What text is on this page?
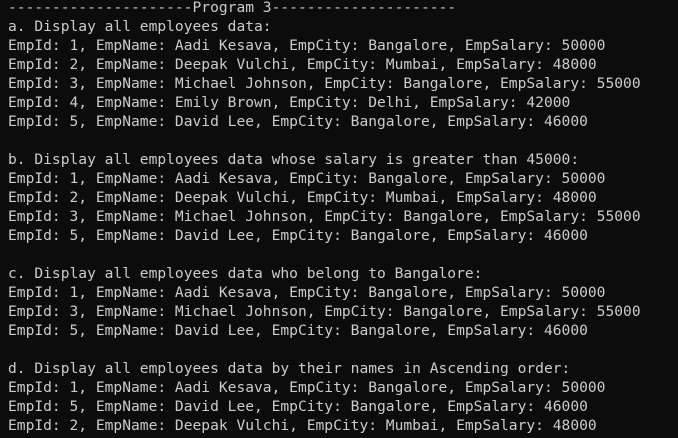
---------------------Program 3---------------------
a. Display all employees data:
EmpId: 1, EmpName: Aadi Kesava, EmpCity: Bangalore, EmpSalary: 50000
EmpId: 2, EmpName: Deepak Vulchi, EmpCity: Mumbai, EmpSalary: 48000
EmpId: 3, EmpName: Michael Johnson, EmpCity: Bangalore, EmpSalary: 55000
EmpId: 4, EmpName: Emily Brown, EmpCity: Delhi, EmpSalary: 42000
EmpId: 5, EmpName: David Lee, EmpCity: Bangalore, EmpSalary: 46000
b. Display all employees data whose salary is greater than 45000:
EmpId: 1, EmpName: Aadi Kesava, EmpCity: Bangalore, EmpSalary: 50000
EmpId: 2, EmpName: Deepak Vulchi, EmpCity: Mumbai, EmpSalary: 48000
EmpId: 3, EmpName: Michael Johnson, EmpCity: Bangalore, EmpSalary: 55000
EmpId: 5, EmpName: David Lee, EmpCity: Bangalore, EmpSalary: 46000
c. Display all employees data who belong to Bangalore:
EmpId: 1, EmpName: Aadi Kesava, EmpCity: Bangalore, EmpSalary: 50000
EmpId: 3, EmpName: Michael Johnson, EmpCity: Bangalore, EmpSalary: 55000
EmpId: 5, EmpName: David Lee, EmpCity: Bangalore, EmpSalary: 46000
d. Display all employees data by their names in Ascending order:
EmpId: 1, EmpName: Aadi Kesava, EmpCity: Bangalore, EmpSalary: 50000
EmpId: 5, EmpName: David Lee, EmpCity: Bangalore, EmpSalary: 46000
EmpId: 2, EmpName: Deepak Vulchi, EmpCity: Mumbai, EmpSalary: 48000
